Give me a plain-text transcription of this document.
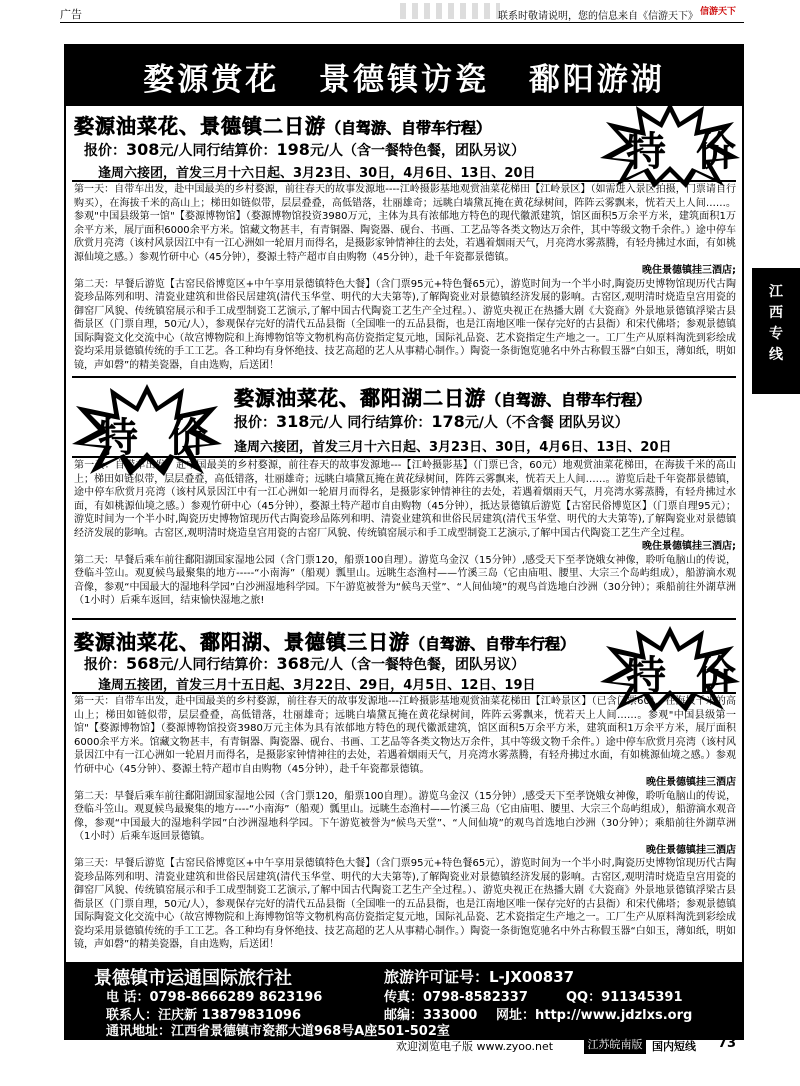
广告	联系时敬请说明，您的信息来自《信游天下》 信游天下
婺源赏花 景德镇访瓷 鄱阳游湖
婺源油菜花、景德镇二日游（自驾游、自带车行程）
报价：308元/人同行结算价：198元/人（含一餐特色餐，团队另议）
逢周六接团，首发三月十六日起、3月23日、30日，4月6日、13日、20日 特 价

第一天：自带车出发，赴中国最美的乡村婺源，前往春天的故事发源地----江岭摄影基地观赏油菜花梯田【江岭景区】（如需进入景区拍摄，门票请自行购买），在海拔千米的高山上；梯田如链似带，层层叠叠，高低错落，壮丽雄奇；远眺白墙黛瓦掩在黄花绿树间，阵阵云雾飘来，恍若天上人间……。参观"中国县级第一馆"【婺源博物馆】（婺源博物馆投资3980万元，主体为具有浓郁地方特色的现代徽派建筑，馆区面积5万余平方米，建筑面积1万余平方米，展厅面积6000余平方米。馆藏文物甚丰，有青铜器、陶瓷器、砚台、书画、工艺品等各类文物达万余件，其中等级文物千余件。）途中停车欣赏月亮湾（该村风景因江中有一江心洲如一轮眉月而得名，是摄影家钟情神往的去处，若遇着烟雨天气，月亮湾水雾蒸腾，有轻舟拂过水面，有如桃源仙境之感。）参观竹研中心（45分钟），婺源土特产超市自由购物（45分钟），赴千年瓷都景德镇。

晚住景德镇挂三酒店;

第二天：早餐后游览【古窑民俗博览区+中午享用景德镇特色大餐】（含门票95元+特色餐65元），游览时间为一个半小时,陶瓷历史博物馆现历代古陶瓷珍品陈列和明、清瓷业建筑和世俗民居建筑(清代玉华堂、明代的大夫第等),了解陶瓷业对景德镇经济发展的影响。古窑区,观明清时烧造皇宫用瓷的御窑厂风貌、传统镇窑展示和手工成型制瓷工艺演示,了解中国古代陶瓷工艺生产全过程。）、游览央视正在热播大剧《大瓷商》外景地景德镇浮梁古县衙景区（门票自理，50元/人），参观保存完好的清代五品县衙（全国唯一的五品县衙，也是江南地区唯一保存完好的古县衙）和宋代佛塔；参观景德镇国际陶瓷文化交流中心（故宫博物院和上海博物馆等文物机构高仿瓷指定复元地，国际礼品瓷、艺术瓷指定生产地之一。工厂生产从原料淘洗到彩绘成瓷均采用景德镇传统的手工工艺。各工种均有身怀绝技、技艺高超的艺人从事精心制作。）陶瓷一条街饱览驰名中外古称假玉器“白如玉，薄如纸，明如镜，声如磬”的精美瓷器，自由选购，后送团！

特 价
婺源油菜花、鄱阳湖二日游（自驾游、自带车行程）
报价：318元/人 同行结算价：178元/人（不含餐 团队另议）
逢周六接团，首发三月十六日起、3月23日、30日，4月6日、13日、20日

第一天：自带车出发，赴中国最美的乡村婺源，前往春天的故事发源地---【江岭摄影基】（门票已含，60元）地观赏油菜花梯田，在海拔千米的高山上；梯田如链似带，层层叠叠，高低错落，壮丽雄奇；远眺白墙黛瓦掩在黄花绿树间，阵阵云雾飘来，恍若天上人间……。游览后赴千年瓷都景德镇，途中停车欣赏月亮湾（该村风景因江中有一江心洲如一轮眉月而得名，是摄影家钟情神往的去处，若遇着烟雨天气，月亮湾水雾蒸腾，有轻舟拂过水面，有如桃源仙境之感。）参观竹研中心（45分钟），婺源土特产超市自由购物（45分钟），抵达景德镇后游览【古窑民俗博览区】（门票自理95元）；游览时间为一个半小时,陶瓷历史博物馆现历代古陶瓷珍品陈列和明、清瓷业建筑和世俗民居建筑(清代玉华堂、明代的大夫第等),了解陶瓷业对景德镇经济发展的影响。古窑区,观明清时烧造皇宫用瓷的古窑厂风貌、传统镇窑展示和手工成型制瓷工艺演示,了解中国古代陶瓷工艺生产全过程。

晚住景德镇挂三酒店;

第二天：早餐后乘车前往鄱阳湖国家湿地公园（含门票120，船票100自理）。游览乌金汉（15分钟）,感受天下至孝饶娥女神像，聆听龟脑山的传说，登临斗笠山。观夏候鸟最聚集的地方-----“小南海”（船观）瓢里山。远眺生态渔村——竹溪三岛（它由庙咀、腰里、大宗三个岛屿组成），船游滴水观音像，参观“中国最大的湿地科学园”白沙洲湿地科学园。下午游览被誉为“候鸟天堂”、“人间仙境”的观鸟首选地白沙洲（30分钟）；乘船前往外湖草洲（1小时）后乘车返回，结束愉快湿地之旅!

婺源油菜花、鄱阳湖、景德镇三日游（自驾游、自带车行程）
报价：568元/人同行结算价：368元/人（含一餐特色餐，团队另议）
逢周五接团，首发三月十五日起、3月22日、29日，4月5日、12日、19日 特 价

第一天：自带车出发，赴中国最美的乡村婺源，前往春天的故事发源地---江岭摄影基地观赏油菜花梯田【江岭景区】（已含门票60），在海拔千米的高山上；梯田如链似带，层层叠叠，高低错落，壮丽雄奇；远眺白墙黛瓦掩在黄花绿树间，阵阵云雾飘来，恍若天上人间……。参观"中国县级第一馆"【婺源博物馆】（婺源博物馆投资3980万元主体为具有浓郁地方特色的现代徽派建筑，馆区面积5万余平方米，建筑面积1万余平方米，展厅面积6000余平方米。馆藏文物甚丰，有青铜器、陶瓷器、砚台、书画、工艺品等各类文物达万余件，其中等级文物千余件。）途中停车欣赏月亮湾（该村风景因江中有一江心洲如一轮眉月而得名，是摄影家钟情神往的去处，若遇着烟雨天气，月亮湾水雾蒸腾，有轻舟拂过水面，有如桃源仙境之感。）参观竹研中心（45分钟）、婺源土特产超市自由购物（45分钟），赴千年瓷都景德镇。

晚住景德镇挂三酒店

第二天：早餐后乘车前往鄱阳湖国家湿地公园（含门票120，船票100自理）。游览乌金汉（15分钟）,感受天下至孝饶娥女神像，聆听龟脑山的传说，登临斗笠山。观夏候鸟最聚集的地方----“小南海”（船观）瓢里山。远眺生态渔村——竹溪三岛（它由庙咀、腰里、大宗三个岛屿组成），船游滴水观音像，参观“中国最大的湿地科学园”白沙洲湿地科学园。下午游览被誉为“候鸟天堂”、“人间仙境”的观鸟首选地白沙洲（30分钟）；乘船前往外湖草洲（1小时）后乘车返回景德镇。

晚住景德镇挂三酒店

第三天：早餐后游览【古窑民俗博览区+中午享用景德镇特色大餐】（含门票95元+特色餐65元），游览时间为一个半小时,陶瓷历史博物馆现历代古陶瓷珍品陈列和明、清瓷业建筑和世俗民居建筑(清代玉华堂、明代的大夫第等),了解陶瓷业对景德镇经济发展的影响。古窑区,观明清时烧造皇宫用瓷的御窑厂风貌、传统镇窑展示和手工成型制瓷工艺演示,了解中国古代陶瓷工艺生产全过程。）、游览央视正在热播大剧《大瓷商》外景地景德镇浮梁古县衙景区（门票自理，50元/人），参观保存完好的清代五品县衙（全国唯一的五品县衙，也是江南地区唯一保存完好的古县衙）和宋代佛塔；参观景德镇国际陶瓷文化交流中心（故宫博物院和上海博物馆等文物机构高仿瓷指定复元地，国际礼品瓷、艺术瓷指定生产地之一。工厂生产从原料淘洗到彩绘成瓷均采用景德镇传统的手工工艺。各工种均有身怀绝技、技艺高超的艺人从事精心制作。）陶瓷一条街饱览驰名中外古称假玉器“白如玉，薄如纸，明如镜，声如磬”的精美瓷器，自由选购，后送团！

景德镇市运通国际旅行社	旅游许可证号：L-JX00837
电 话：0798-8666289 8623196	传真：0798-8582337	QQ：911345391
联系人：汪庆新 13879831096	邮编：333000 网址：http://www.jdzlxs.org
通讯地址：江西省景德镇市瓷都大道968号A座501-502室
江
西
专
线
欢迎浏览电子版 www.zyoo.net	国内短线 73
江苏皖南版
